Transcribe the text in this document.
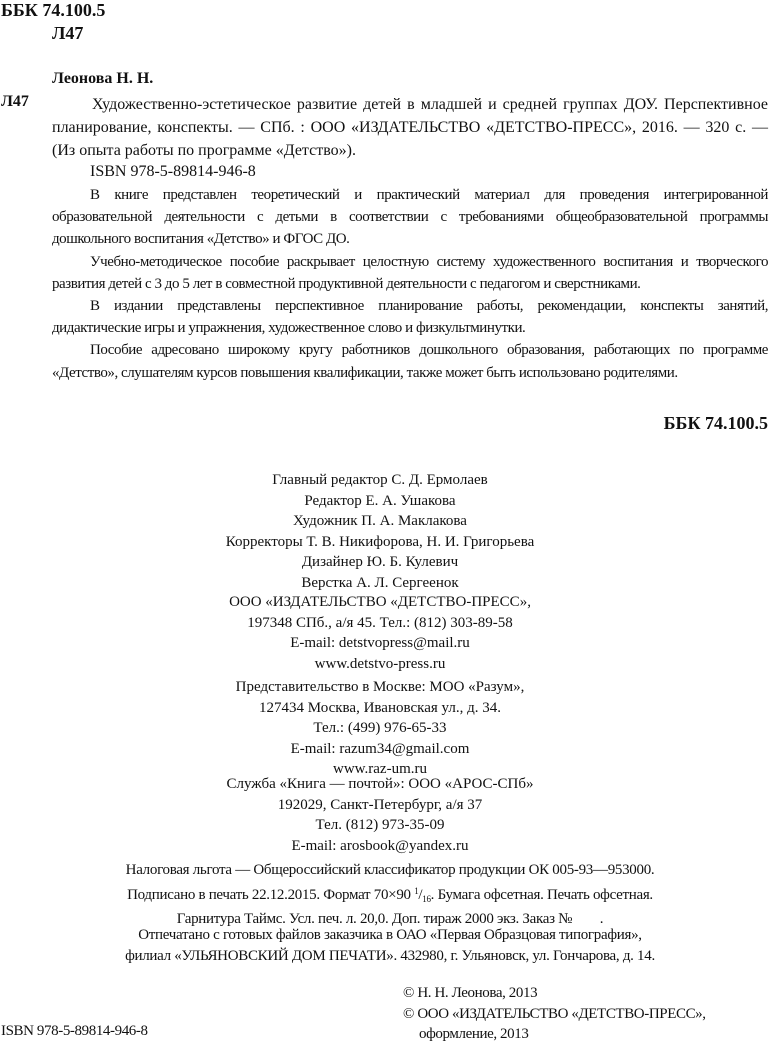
ББК 74.100.5
Л47
Леонова Н. Н.
Л47	Художественно-эстетическое развитие детей в младшей и средней группах ДОУ. Перспективное планирование, конспекты. — СПб. : ООО «ИЗДАТЕЛЬСТВО «ДЕТСТВО-ПРЕСС», 2016. — 320 с. — (Из опыта работы по программе «Детство»).
ISBN 978-5-89814-946-8

В книге представлен теоретический и практический материал для проведения интегрированной образовательной деятельности с детьми в соответствии с требованиями общеобразовательной программы дошкольного воспитания «Детство» и ФГОС ДО.

Учебно-методическое пособие раскрывает целостную систему художественного воспитания и творческого развития детей с 3 до 5 лет в совместной продуктивной деятельности с педагогом и сверстниками.

В издании представлены перспективное планирование работы, рекомендации, конспекты занятий, дидактические игры и упражнения, художественное слово и физкультминутки.

Пособие адресовано широкому кругу работников дошкольного образования, работающих по программе «Детство», слушателям курсов повышения квалификации, также может быть использовано родителями.

ББК 74.100.5
Главный редактор С. Д. Ермолаев
Редактор Е. А. Ушакова
Художник П. А. Маклакова
Корректоры Т. В. Никифорова, Н. И. Григорьева
Дизайнер Ю. Б. Кулевич
Верстка А. Л. Сергеенок
ООО «ИЗДАТЕЛЬСТВО «ДЕТСТВО-ПРЕСС»,
197348 СПб., а/я 45. Тел.: (812) 303-89-58
E-mail: detstvopress@mail.ru
www.detstvo-press.ru
Представительство в Москве: МОО «Разум»,
127434 Москва, Ивановская ул., д. 34.
Тел.: (499) 976-65-33
E-mail: razum34@gmail.com
www.raz-um.ru
Служба «Книга — почтой»: ООО «АРОС-СПб»
192029, Санкт-Петербург, а/я 37
Тел. (812) 973-35-09
E-mail: arosbook@yandex.ru
Налоговая льгота — Общероссийский классификатор продукции ОК 005-93—953000.
Подписано в печать 22.12.2015. Формат 70×90 $^1/_{16}$. Бумага офсетная. Печать офсетная.
Гарнитура Таймс. Усл. печ. л. 20,0. Доп. тираж 2000 экз. Заказ №        .
Отпечатано с готовых файлов заказчика в ОАО «Первая Образцовая типография»,
филиал «УЛЬЯНОВСКИЙ ДОМ ПЕЧАТИ». 432980, г. Ульяновск, ул. Гончарова, д. 14.
ISBN 978-5-89814-946-8
© Н. Н. Леонова, 2013
© ООО «ИЗДАТЕЛЬСТВО «ДЕТСТВО-ПРЕСС»,
оформление, 2013
